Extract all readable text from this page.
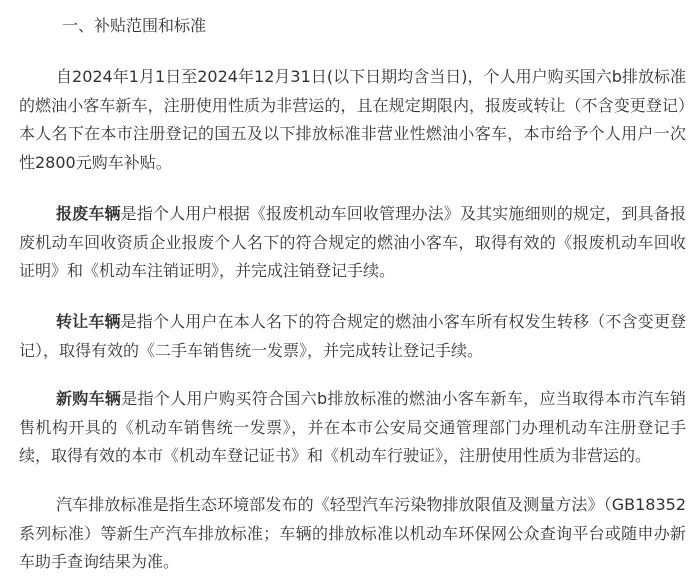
一、补贴范围和标准

自2024年1月1日至2024年12月31日(以下日期均含当日)，个人用户购买国六b排放标准的燃油小客车新车，注册使用性质为非营运的，且在规定期限内，报废或转让（不含变更登记）本人名下在本市注册登记的国五及以下排放标准非营业性燃油小客车，本市给予个人用户一次性2800元购车补贴。

报废车辆是指个人用户根据《报废机动车回收管理办法》及其实施细则的规定，到具备报废机动车回收资质企业报废个人名下的符合规定的燃油小客车，取得有效的《报废机动车回收证明》和《机动车注销证明》，并完成注销登记手续。

转让车辆是指个人用户在本人名下的符合规定的燃油小客车所有权发生转移（不含变更登记），取得有效的《二手车销售统一发票》，并完成转让登记手续。

新购车辆是指个人用户购买符合国六b排放标准的燃油小客车新车，应当取得本市汽车销售机构开具的《机动车销售统一发票》，并在本市公安局交通管理部门办理机动车注册登记手续，取得有效的本市《机动车登记证书》和《机动车行驶证》，注册使用性质为非营运的。

汽车排放标准是指生态环境部发布的《轻型汽车污染物排放限值及测量方法》（GB18352系列标准）等新生产汽车排放标准；车辆的排放标准以机动车环保网公众查询平台或随申办新车助手查询结果为准。
